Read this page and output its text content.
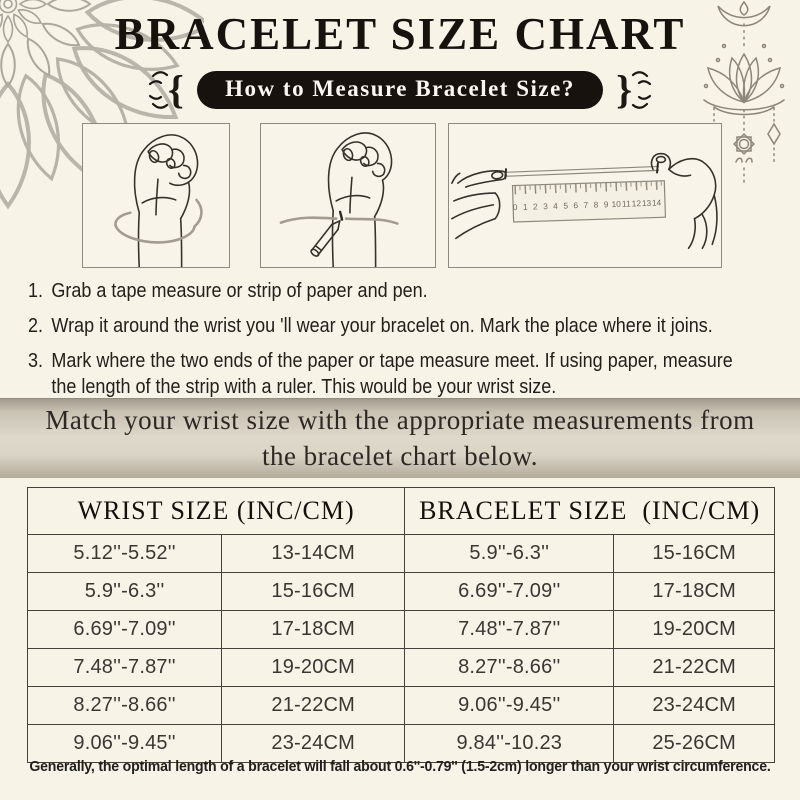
BRACELET SIZE CHART
{	How to Measure Bracelet Size?	{
0 1 2 3 4 5 6 7 8 9 10 11 12 13 14
1. Grab a tape measure or strip of paper and pen.
2. Wrap it around the wrist you 'll wear your bracelet on. Mark the place where it joins.
3. Mark where the two ends of the paper or tape measure meet. If using paper, measure the length of the strip with a ruler. This would be your wrist size.

Match your wrist size with the appropriate measurements from the bracelet chart below.

WRIST SIZE (INC/CM)		BRACELET SIZE  (INC/CM)	
5.12''-5.52''	13-14CM	5.9''-6.3''	15-16CM
5.9''-6.3''	15-16CM	6.69''-7.09''	17-18CM
6.69''-7.09''	17-18CM	7.48''-7.87''	19-20CM
7.48''-7.87''	19-20CM	8.27''-8.66''	21-22CM
8.27''-8.66''	21-22CM	9.06''-9.45''	23-24CM
9.06''-9.45''	23-24CM	9.84''-10.23	25-26CM

Generally, the optimal length of a bracelet will fall about 0.6''-0.79'' (1.5-2cm) longer than your wrist circumference.
